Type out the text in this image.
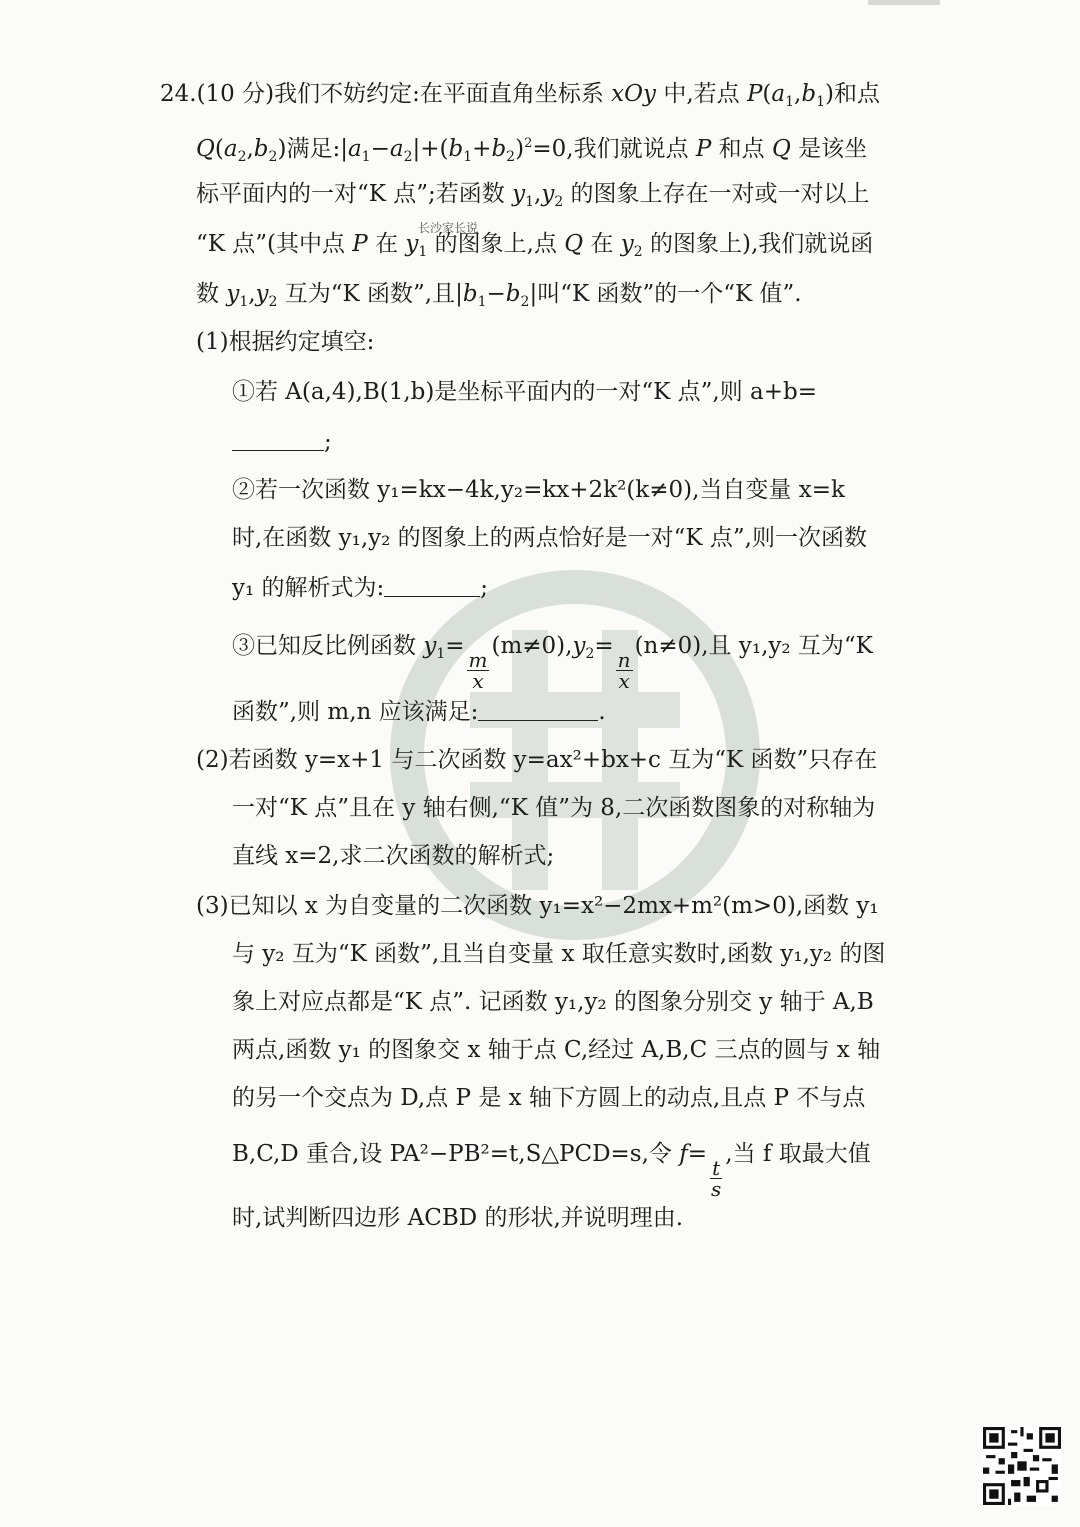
长沙家长说
24.(10 分)我们不妨约定:在平面直角坐标系 xOy 中,若点 $P(a_1,b_1)$和点
$Q(a_2,b_2)$满足$:|a_1-a_2|+(b_1+b_2)^2=0$,我们就说点 P 和点 Q 是该坐
标平面内的一对“K 点”;若函数 $y_1,y_2$ 的图象上存在一对或一对以上
“K 点”(其中点 P 在 $y_1$ 的图象上,点 Q 在 $y_2$ 的图象上),我们就说函
数 $y_1,y_2$ 互为“K 函数”,且$|b_1-b_2|$叫“K 函数”的一个“K 值”.
(1)根据约定填空:
①若 A(a,4),B(1,b)是坐标平面内的一对“K 点”,则 a+b=
;
②若一次函数 y₁=kx−4k,y₂=kx+2k²(k≠0),当自变量 x=k
时,在函数 y₁,y₂ 的图象上的两点恰好是一对“K 点”,则一次函数
y₁ 的解析式为:	;
③已知反比例函数 $y_1=$
$\frac{m}{x}$
$(m\ne 0),y_2=$
$\frac{n}{x}$
(n≠0),且 y₁,y₂ 互为“K
函数”,则 m,n 应该满足:	.
(2)若函数 y=x+1 与二次函数 y=ax²+bx+c 互为“K 函数”只存在
一对“K 点”且在 y 轴右侧,“K 值”为 8,二次函数图象的对称轴为
直线 x=2,求二次函数的解析式;
(3)已知以 x 为自变量的二次函数 y₁=x²−2mx+m²(m>0),函数 y₁
与 y₂ 互为“K 函数”,且当自变量 x 取任意实数时,函数 y₁,y₂ 的图
象上对应点都是“K 点”. 记函数 y₁,y₂ 的图象分别交 y 轴于 A,B
两点,函数 y₁ 的图象交 x 轴于点 C,经过 A,B,C 三点的圆与 x 轴
的另一个交点为 D,点 P 是 x 轴下方圆上的动点,且点 P 不与点
B,C,D 重合,设 PA²−PB²=t,S△PCD=s,令 f=
$\frac{t}{s}$
,当 f 取最大值
时,试判断四边形 ACBD 的形状,并说明理由.
